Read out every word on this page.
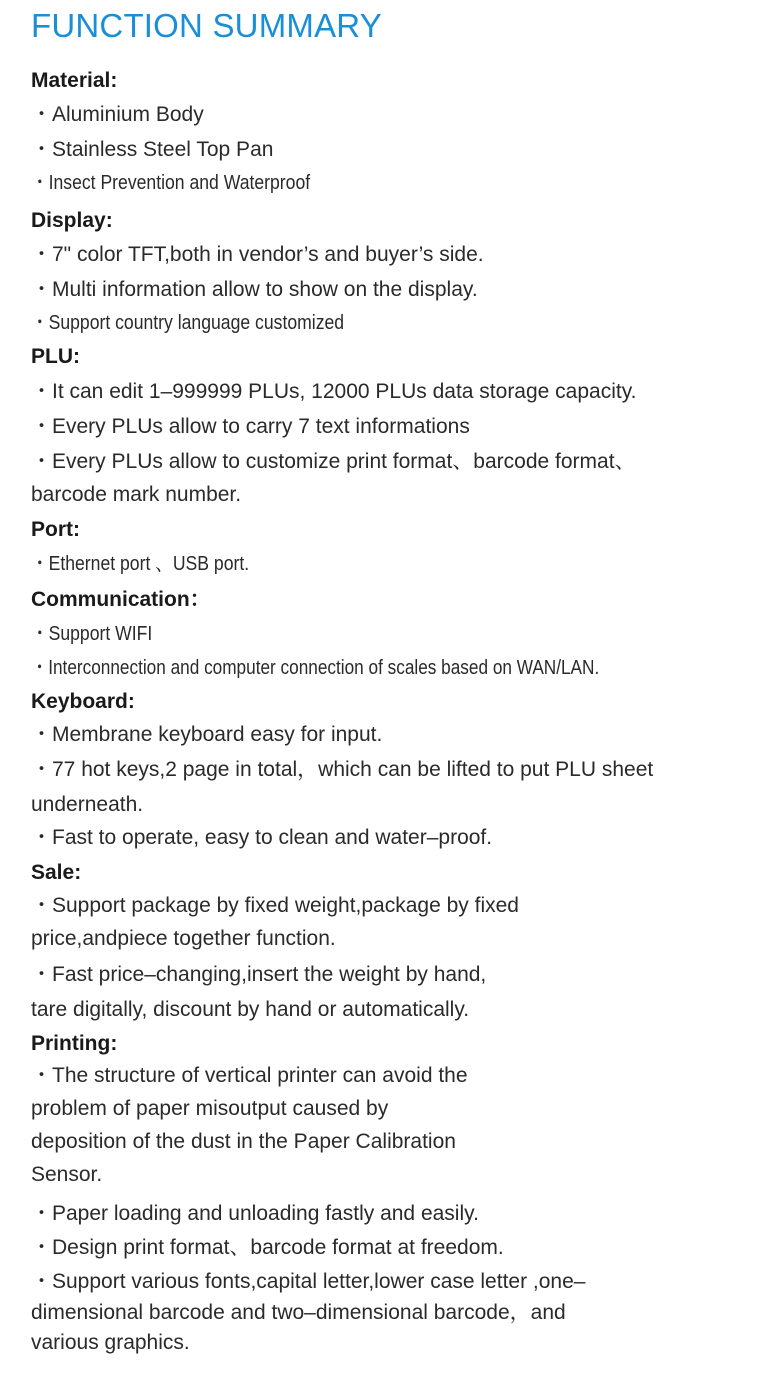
FUNCTION SUMMARY
Material:
・Aluminium Body
・Stainless Steel Top Pan
・Insect Prevention and Waterproof
Display:
・7" color TFT,both in vendor’s and buyer’s side.
・Multi information allow to show on the display.
・Support country language customized
PLU:
・It can edit 1–999999 PLUs, 12000 PLUs data storage capacity.
・Every PLUs allow to carry 7 text informations
・Every PLUs allow to customize print format、barcode format、
barcode mark number.
Port:
・Ethernet port 、USB port.
Communication：
・Support WIFI
・Interconnection and computer connection of scales based on WAN/LAN.
Keyboard:
・Membrane keyboard easy for input.
・77 hot keys,2 page in total，which can be lifted to put PLU sheet
underneath.
・Fast to operate, easy to clean and water–proof.
Sale:
・Support package by fixed weight,package by fixed
price,andpiece together function.
・Fast price–changing,insert the weight by hand,
tare digitally, discount by hand or automatically.
Printing:
・The structure of vertical printer can avoid the
problem of paper misoutput caused by
deposition of the dust in the Paper Calibration
Sensor.
・Paper loading and unloading fastly and easily.
・Design print format、barcode format at freedom.
・Support various fonts,capital letter,lower case letter ,one–
dimensional barcode and two–dimensional barcode，and
various graphics.
